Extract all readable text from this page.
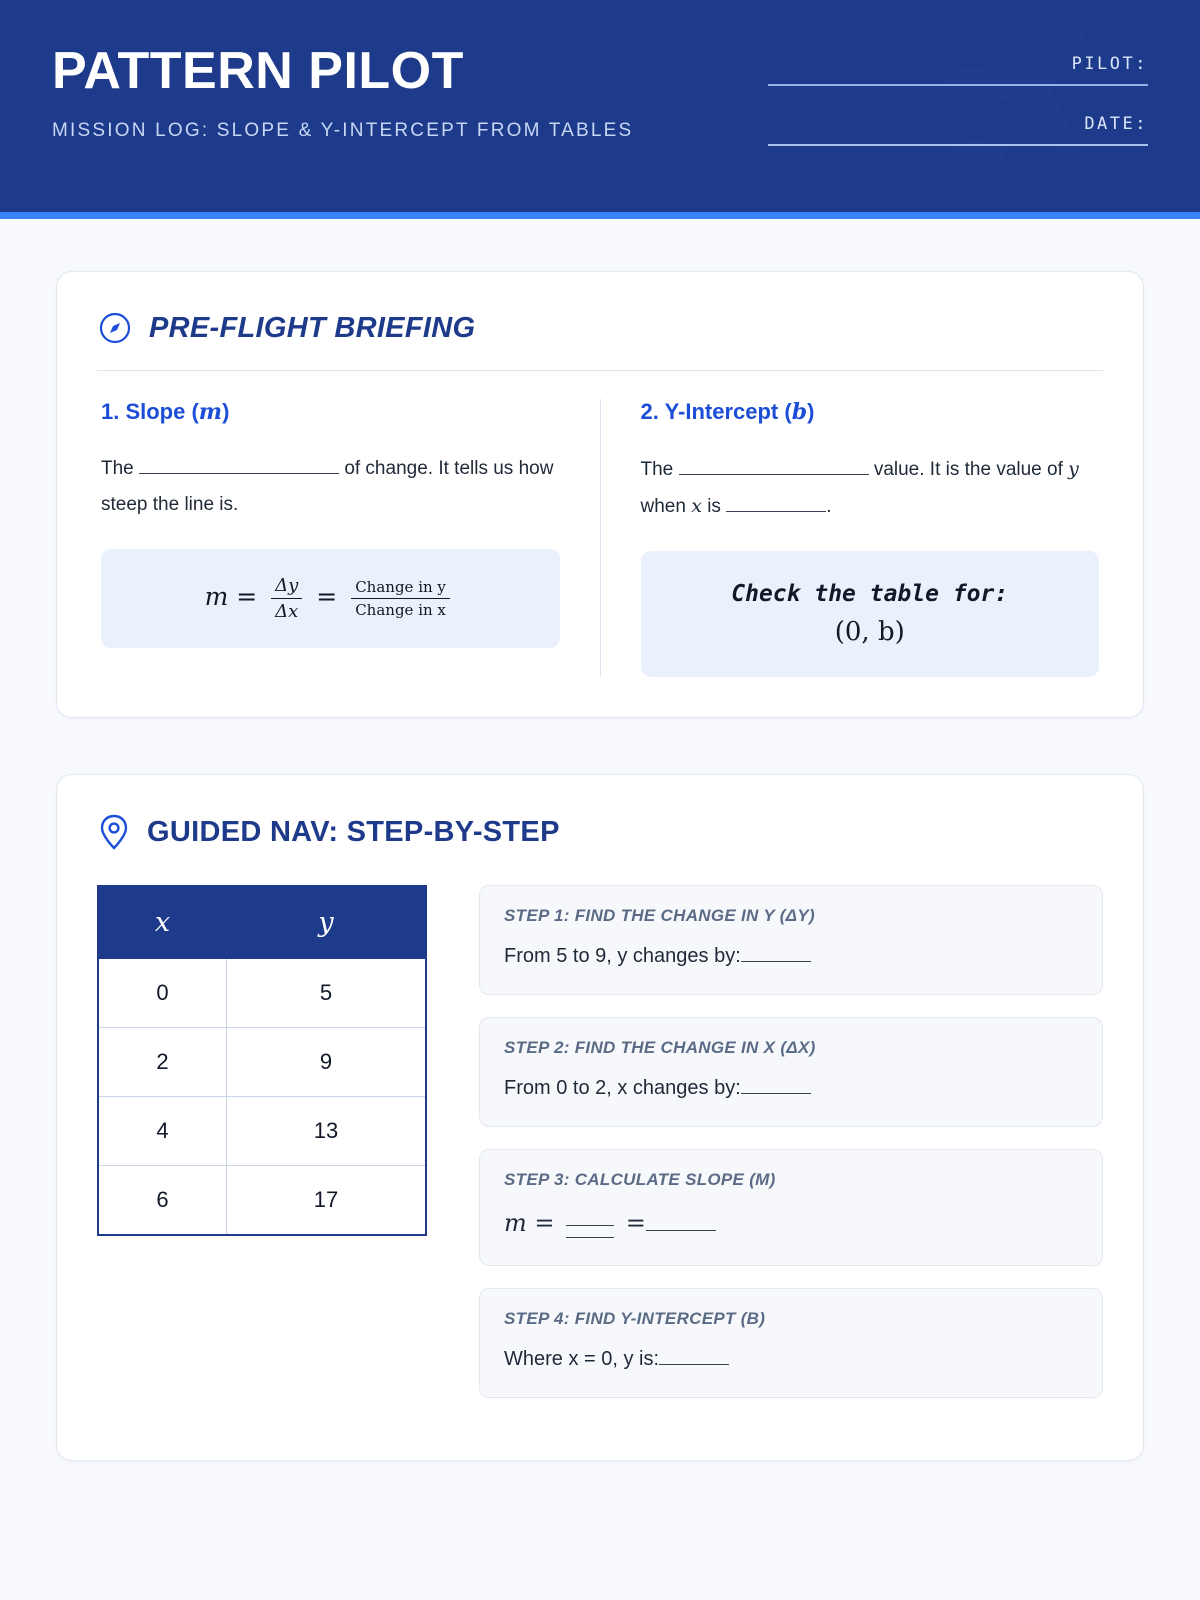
PATTERN PILOT

MISSION LOG: SLOPE & Y-INTERCEPT FROM TABLES

PILOT:
DATE:
PRE-FLIGHT BRIEFING
1. Slope (m)

The	of change. It tells us how steep the line is.

$m = \frac{\Delta y}{\Delta x} = \frac{\text{Change in y}}{\text{Change in x}}$
2. Y-Intercept (b)

The	value. It is the value of y when x is	.

Check the table for:
(0, b)
GUIDED NAV: STEP-BY-STEP
x	y
0	5
2	9
4	13
6	17

STEP 1: FIND THE CHANGE IN Y (ΔY)

From 5 to 9, y changes by:

STEP 2: FIND THE CHANGE IN X (ΔX)

From 0 to 2, x changes by:

STEP 3: CALCULATE SLOPE (M)

m =	=

STEP 4: FIND Y-INTERCEPT (B)

Where x = 0, y is:
